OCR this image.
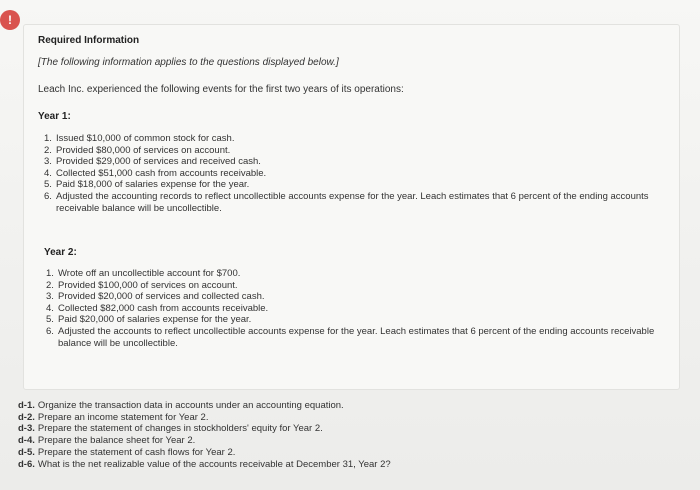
!
Required Information
[The following information applies to the questions displayed below.]
Leach Inc. experienced the following events for the first two years of its operations:
Year 1:
1. Issued $10,000 of common stock for cash.
2. Provided $80,000 of services on account.
3. Provided $29,000 of services and received cash.
4. Collected $51,000 cash from accounts receivable.
5. Paid $18,000 of salaries expense for the year.
6. Adjusted the accounting records to reflect uncollectible accounts expense for the year. Leach estimates that 6 percent of the ending accounts receivable balance will be uncollectible.
Year 2:
1. Wrote off an uncollectible account for $700.
2. Provided $100,000 of services on account.
3. Provided $20,000 of services and collected cash.
4. Collected $82,000 cash from accounts receivable.
5. Paid $20,000 of salaries expense for the year.
6. Adjusted the accounts to reflect uncollectible accounts expense for the year. Leach estimates that 6 percent of the ending accounts receivable balance will be uncollectible.
d-1. Organize the transaction data in accounts under an accounting equation.
d-2. Prepare an income statement for Year 2.
d-3. Prepare the statement of changes in stockholders' equity for Year 2.
d-4. Prepare the balance sheet for Year 2.
d-5. Prepare the statement of cash flows for Year 2.
d-6. What is the net realizable value of the accounts receivable at December 31, Year 2?
